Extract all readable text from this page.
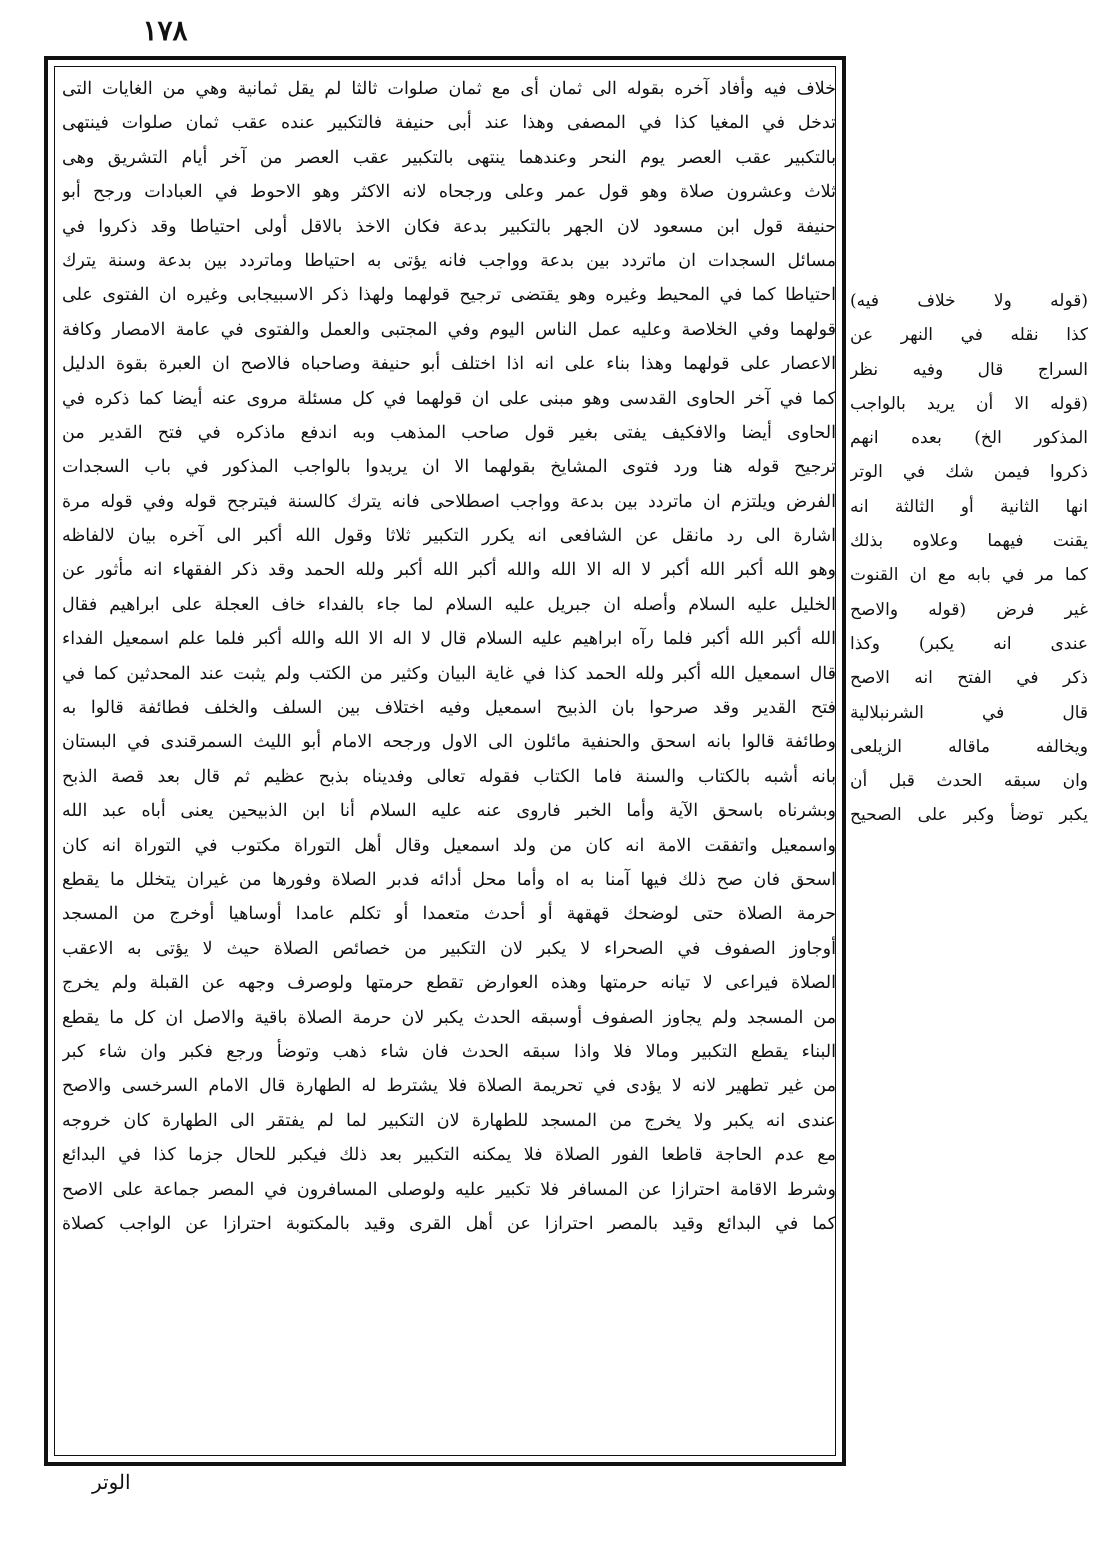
١٧٨
خلاف فيه وأفاد آخره بقوله الى ثمان أى مع ثمان صلوات ثالثا لم يقل ثمانية وهي من الغايات التى
تدخل في المغيا كذا في المصفى وهذا عند أبى حنيفة فالتكبير عنده عقب ثمان صلوات فينتهى
بالتكبير عقب العصر يوم النحر وعندهما ينتهى بالتكبير عقب العصر من آخر أيام التشريق وهى
ثلاث وعشرون صلاة وهو قول عمر وعلى ورجحاه لانه الاكثر وهو الاحوط في العبادات ورجح أبو
حنيفة قول ابن مسعود لان الجهر بالتكبير بدعة فكان الاخذ بالاقل أولى احتياطا وقد ذكروا في
مسائل السجدات ان ماتردد بين بدعة وواجب فانه يؤتى به احتياطا وماتردد بين بدعة وسنة يترك
احتياطا كما في المحيط وغيره وهو يقتضى ترجيح قولهما ولهذا ذكر الاسبيجابى وغيره ان الفتوى على
قولهما وفي الخلاصة وعليه عمل الناس اليوم وفي المجتبى والعمل والفتوى في عامة الامصار وكافة
الاعصار على قولهما وهذا بناء على انه اذا اختلف أبو حنيفة وصاحباه فالاصح ان العبرة بقوة الدليل
كما في آخر الحاوى القدسى وهو مبنى على ان قولهما في كل مسئلة مروى عنه أيضا كما ذكره في
الحاوى أيضا والافكيف يفتى بغير قول صاحب المذهب وبه اندفع ماذكره في فتح القدير من
ترجيح قوله هنا ورد فتوى المشايخ بقولهما الا ان يريدوا بالواجب المذكور في باب السجدات
الفرض ويلتزم ان ماتردد بين بدعة وواجب اصطلاحى فانه يترك كالسنة فيترجح قوله وفي قوله مرة
اشارة الى رد مانقل عن الشافعى انه يكرر التكبير ثلاثا وقول الله أكبر الى آخره بيان لالفاظه
وهو الله أكبر الله أكبر لا اله الا الله والله أكبر الله أكبر ولله الحمد وقد ذكر الفقهاء انه مأثور عن
الخليل عليه السلام وأصله ان جبريل عليه السلام لما جاء بالفداء خاف العجلة على ابراهيم فقال
الله أكبر الله أكبر فلما رآه ابراهيم عليه السلام قال لا اله الا الله والله أكبر فلما علم اسمعيل الفداء
قال اسمعيل الله أكبر ولله الحمد كذا في غاية البيان وكثير من الكتب ولم يثبت عند المحدثين كما في
فتح القدير وقد صرحوا بان الذبيح اسمعيل وفيه اختلاف بين السلف والخلف فطائفة قالوا به
وطائفة قالوا بانه اسحق والحنفية مائلون الى الاول ورجحه الامام أبو الليث السمرقندى في البستان
بانه أشبه بالكتاب والسنة فاما الكتاب فقوله تعالى وفديناه بذبح عظيم ثم قال بعد قصة الذبح
وبشرناه باسحق الآية وأما الخبر فاروى عنه عليه السلام أنا ابن الذبيحين يعنى أباه عبد الله
واسمعيل واتفقت الامة انه كان من ولد اسمعيل وقال أهل التوراة مكتوب في التوراة انه كان
اسحق فان صح ذلك فيها آمنا به اه وأما محل أدائه فدبر الصلاة وفورها من غيران يتخلل ما يقطع
حرمة الصلاة حتى لوضحك قهقهة أو أحدث متعمدا أو تكلم عامدا أوساهيا أوخرج من المسجد
أوجاوز الصفوف في الصحراء لا يكبر لان التكبير من خصائص الصلاة حيث لا يؤتى به الاعقب
الصلاة فيراعى لا تيانه حرمتها وهذه العوارض تقطع حرمتها ولوصرف وجهه عن القبلة ولم يخرج
من المسجد ولم يجاوز الصفوف أوسبقه الحدث يكبر لان حرمة الصلاة باقية والاصل ان كل ما يقطع
البناء يقطع التكبير ومالا فلا واذا سبقه الحدث فان شاء ذهب وتوضأ ورجع فكبر وان شاء كبر
من غير تطهير لانه لا يؤدى في تحريمة الصلاة فلا يشترط له الطهارة قال الامام السرخسى والاصح
عندى انه يكبر ولا يخرج من المسجد للطهارة لان التكبير لما لم يفتقر الى الطهارة كان خروجه
مع عدم الحاجة قاطعا الفور الصلاة فلا يمكنه التكبير بعد ذلك فيكبر للحال جزما كذا في البدائع
وشرط الاقامة احترازا عن المسافر فلا تكبير عليه ولوصلى المسافرون في المصر جماعة على الاصح
كما في البدائع وقيد بالمصر احترازا عن أهل القرى وقيد بالمكتوبة احترازا عن الواجب كصلاة
(قوله ولا خلاف فيه)
كذا نقله في النهر عن
السراج قال وفيه نظر
(قوله الا أن يريد بالواجب
المذكور الخ) بعده انهم
ذكروا فيمن شك في الوتر
انها الثانية أو الثالثة انه
يقنت فيهما وعلاوه بذلك
كما مر في بابه مع ان القنوت
غير فرض (قوله والاصح
عندى انه يكبر) وكذا
ذكر في الفتح انه الاصح
قال في الشرنبلالية
ويخالفه ماقاله الزيلعى
وان سبقه الحدث قبل أن
يكبر توضأ وكبر على الصحيح
الوتر
